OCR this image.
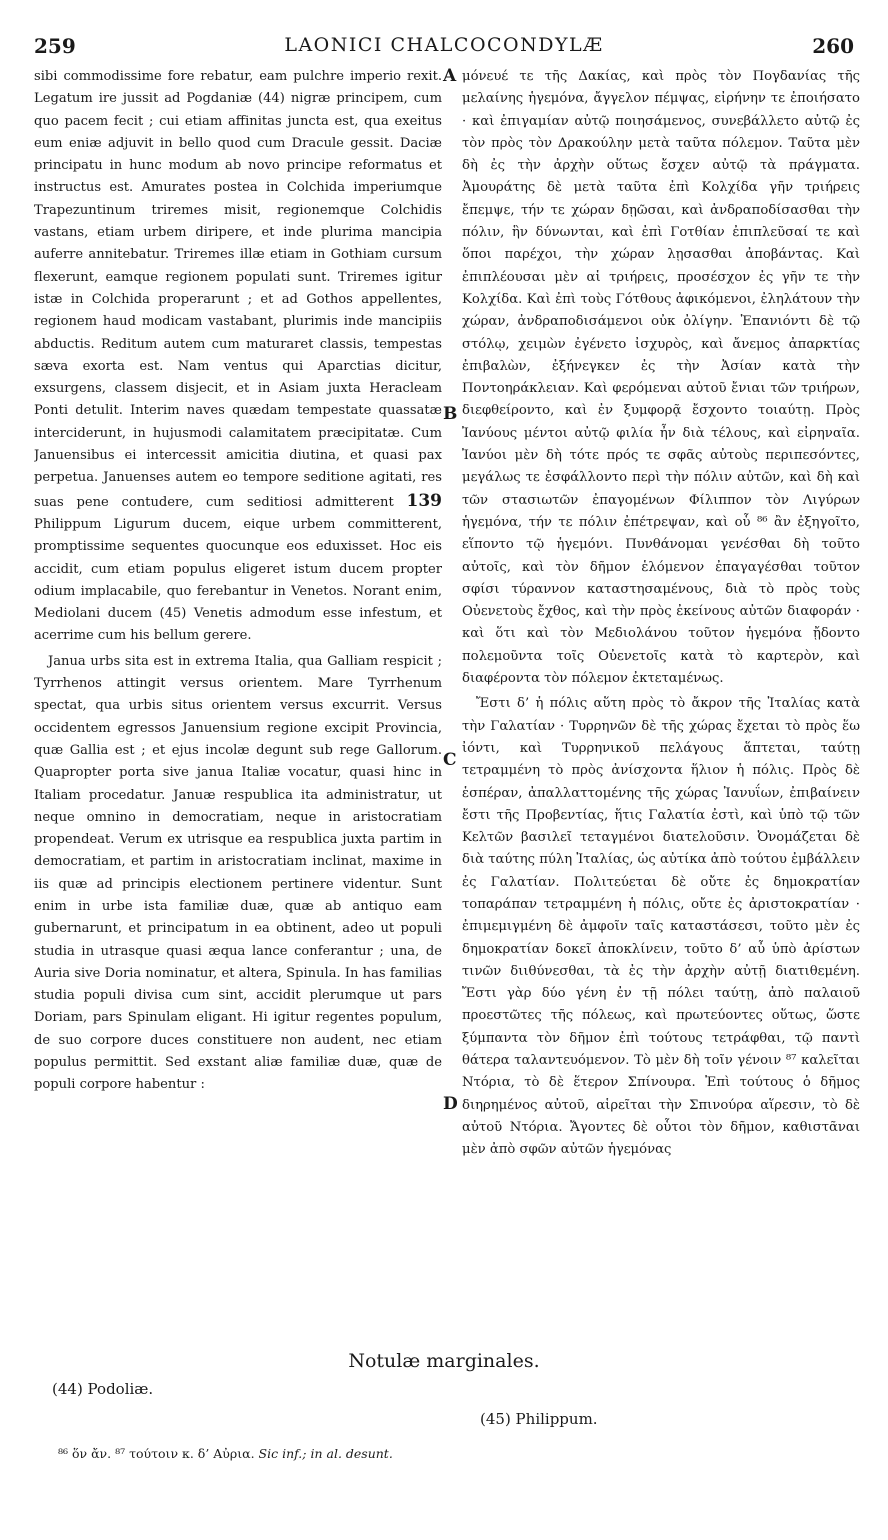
259	LAONICI CHALCOCONDYLÆ	260

sibi commodissime fore rebatur, eam pulchre imperio rexit. Legatum ire jussit ad Pogdaniæ (44) nigræ principem, cum quo pacem fecit ; cui etiam affinitas juncta est, qua exeitus eum eniæ adjuvit in bello quod cum Dracule gessit. Daciæ principatu in hunc modum ab novo principe reformatus et instructus est. Amurates postea in Colchida imperiumque Trapezuntinum triremes misit, regionemque Colchidis vastans, etiam urbem diripere, et inde plurima mancipia auferre annitebatur. Triremes illæ etiam in Gothiam cursum flexerunt, eamque regionem populati sunt. Triremes igitur istæ in Colchida properarunt ; et ad Gothos appellentes, regionem haud modicam vastabant, plurimis inde mancipiis abductis. Reditum autem cum maturaret classis, tempestas sæva exorta est. Nam ventus qui Aparctias dicitur, exsurgens, classem disjecit, et in Asiam juxta Heracleam Ponti detulit. Interim naves quædam tempestate quassatæ interciderunt, in hujusmodi calamitatem præcipitatæ. Cum Januensibus ei intercessit amicitia diutina, et quasi pax perpetua. Januenses autem eo tempore seditione agitati, res suas pene contudere, cum seditiosi admitterent 139 Philippum Ligurum ducem, eique urbem committerent, promptissime sequentes quocunque eos eduxisset. Hoc eis accidit, cum etiam populus eligeret istum ducem propter odium implacabile, quo ferebantur in Venetos. Norant enim, Mediolani ducem (45) Venetis admodum esse infestum, et acerrime cum his bellum gerere.

Janua urbs sita est in extrema Italia, qua Galliam respicit ; Tyrrhenos attingit versus orientem. Mare Tyrrhenum spectat, qua urbis situs orientem versus excurrit. Versus occidentem egressos Januensium regione excipit Provincia, quæ Gallia est ; et ejus incolæ degunt sub rege Gallorum. Quapropter porta sive janua Italiæ vocatur, quasi hinc in Italiam procedatur. Januæ respublica ita administratur, ut neque omnino in democratiam, neque in aristocratiam propendeat. Verum ex utrisque ea respublica juxta partim in democratiam, et partim in aristocratiam inclinat, maxime in iis quæ ad principis electionem pertinere videntur. Sunt enim in urbe ista familiæ duæ, quæ ab antiquo eam gubernarunt, et principatum in ea obtinent, adeo ut populi studia in utrasque quasi æqua lance conferantur ; una, de Auria sive Doria nominatur, et altera, Spinula. In has familias studia populi divisa cum sint, accidit plerumque ut pars Doriam, pars Spinulam eligant. Hi igitur regentes populum, de suo corpore duces constituere non audent, nec etiam populus permittit. Sed exstant aliæ familiæ duæ, quæ de populi corpore habentur :

A
B
C
D

μόνευέ τε τῆς Δακίας, καὶ πρὸς τὸν Πογδανίας τῆς μελαίνης ἡγεμόνα, ἄγγελον πέμψας, εἰρήνην τε ἐποιήσατο · καὶ ἐπιγαμίαν αὐτῷ ποιησάμενος, συνεβάλλετο αὐτῷ ἐς τὸν πρὸς τὸν Δρακούλην μετὰ ταῦτα πόλεμον. Ταῦτα μὲν δὴ ἐς τὴν ἀρχὴν οὕτως ἔσχεν αὐτῷ τὰ πράγματα. Ἀμουράτης δὲ μετὰ ταῦτα ἐπὶ Κολχίδα γῆν τριήρεις ἔπεμψε, τήν τε χώραν δῃῶσαι, καὶ ἀνδραποδίσασθαι τὴν πόλιν, ἣν δύνωνται, καὶ ἐπὶ Γοτθίαν ἐπιπλεῦσαί τε καὶ ὅποι παρέχοι, τὴν χώραν λῃσασθαι ἀποβάντας. Καὶ ἐπιπλέουσαι μὲν αἱ τριήρεις, προσέσχον ἐς γῆν τε τὴν Κολχίδα. Καὶ ἐπὶ τοὺς Γότθους ἀφικόμενοι, ἐληλάτουν τὴν χώραν, ἀνδραποδισάμενοι οὐκ ὀλίγην. Ἐπανιόντι δὲ τῷ στόλῳ, χειμὼν ἐγένετο ἰσχυρὸς, καὶ ἄνεμος ἀπαρκτίας ἐπιβαλὼν, ἐξήνεγκεν ἐς τὴν Ἀσίαν κατὰ τὴν Ποντοηράκλειαν. Καὶ φερόμεναι αὐτοῦ ἔνιαι τῶν τριήρων, διεφθείροντο, καὶ ἐν ξυμφορᾷ ἔσχοντο τοιαύτῃ. Πρὸς Ἰανύους μέντοι αὐτῷ φιλία ἦν διὰ τέλους, καὶ εἰρηναῖα. Ἰανύοι μὲν δὴ τότε πρός τε σφᾶς αὐτοὺς περιπεσόντες, μεγάλως τε ἐσφάλλοντο περὶ τὴν πόλιν αὐτῶν, καὶ δὴ καὶ τῶν στασιωτῶν ἐπαγομένων Φίλιππον τὸν Λιγύρων ἡγεμόνα, τήν τε πόλιν ἐπέτρεψαν, καὶ οὗ ⁸⁶ ἂν ἐξηγοῖτο, εἵποντο τῷ ἡγεμόνι. Πυνθάνομαι γενέσθαι δὴ τοῦτο αὐτοῖς, καὶ τὸν δῆμον ἑλόμενον ἐπαγαγέσθαι τοῦτον σφίσι τύραννον καταστησαμένους, διὰ τὸ πρὸς τοὺς Οὐενετοὺς ἔχθος, καὶ τὴν πρὸς ἐκείνους αὐτῶν διαφοράν · καὶ ὅτι καὶ τὸν Μεδιολάνου τοῦτον ἡγεμόνα ᾔδοντο πολεμοῦντα τοῖς Οὐενετοῖς κατὰ τὸ καρτερὸν, καὶ διαφέροντα τὸν πόλεμον ἐκτεταμένως.

Ἔστι δ’ ἡ πόλις αὕτη πρὸς τὸ ἄκρον τῆς Ἰταλίας κατὰ τὴν Γαλατίαν · Τυρρηνῶν δὲ τῆς χώρας ἔχεται τὸ πρὸς ἕω ἰόντι, καὶ Τυρρηνικοῦ πελάγους ἅπτεται, ταύτῃ τετραμμένη τὸ πρὸς ἀνίσχοντα ἥλιον ἡ πόλις. Πρὸς δὲ ἑσπέραν, ἀπαλλαττομένης τῆς χώρας Ἰανυΐων, ἐπιβαίνειν ἔστι τῆς Προβεντίας, ἥτις Γαλατία ἐστὶ, καὶ ὑπὸ τῷ τῶν Κελτῶν βασιλεῖ τεταγμένοι διατελοῦσιν. Ὀνομάζεται δὲ διὰ ταύτης πύλη Ἰταλίας, ὡς αὐτίκα ἀπὸ τούτου ἐμβάλλειν ἐς Γαλατίαν. Πολιτεύεται δὲ οὔτε ἐς δημοκρατίαν τοπαράπαν τετραμμένη ἡ πόλις, οὔτε ἐς ἀριστοκρατίαν · ἐπιμεμιγμένη δὲ ἀμφοῖν ταῖς καταστάσεσι, τοῦτο μὲν ἐς δημοκρατίαν δοκεῖ ἀποκλίνειν, τοῦτο δ’ αὖ ὑπὸ ἀρίστων τινῶν διιθύνεσθαι, τὰ ἐς τὴν ἀρχὴν αὐτῇ διατιθεμένη. Ἔστι γὰρ δύο γένη ἐν τῇ πόλει ταύτῃ, ἀπὸ παλαιοῦ προεστῶτες τῆς πόλεως, καὶ πρωτεύοντες οὕτως, ὥστε ξύμπαντα τὸν δῆμον ἐπὶ τούτους τετράφθαι, τῷ παντὶ θάτερα ταλαντευόμενον. Τὸ μὲν δὴ τοῖν γένοιν ⁸⁷ καλεῖται Ντόρια, τὸ δὲ ἕτερον Σπίνουρα. Ἐπὶ τούτους ὁ δῆμος διηρημένος αὐτοῦ, αἱρεῖται τὴν Σπινούρα αἵρεσιν, τὸ δὲ αὐτοῦ Ντόρια. Ἄγοντες δὲ οὗτοι τὸν δῆμον, καθιστᾶναι μὲν ἀπὸ σφῶν αὐτῶν ἡγεμόνας

Notulæ marginales.
(44) Podoliæ.
(45) Philippum.
⁸⁶ ὅν ἄν. ⁸⁷ τούτοιν κ. δ’ Αὐρια. Sic inf.; in al. desunt.
